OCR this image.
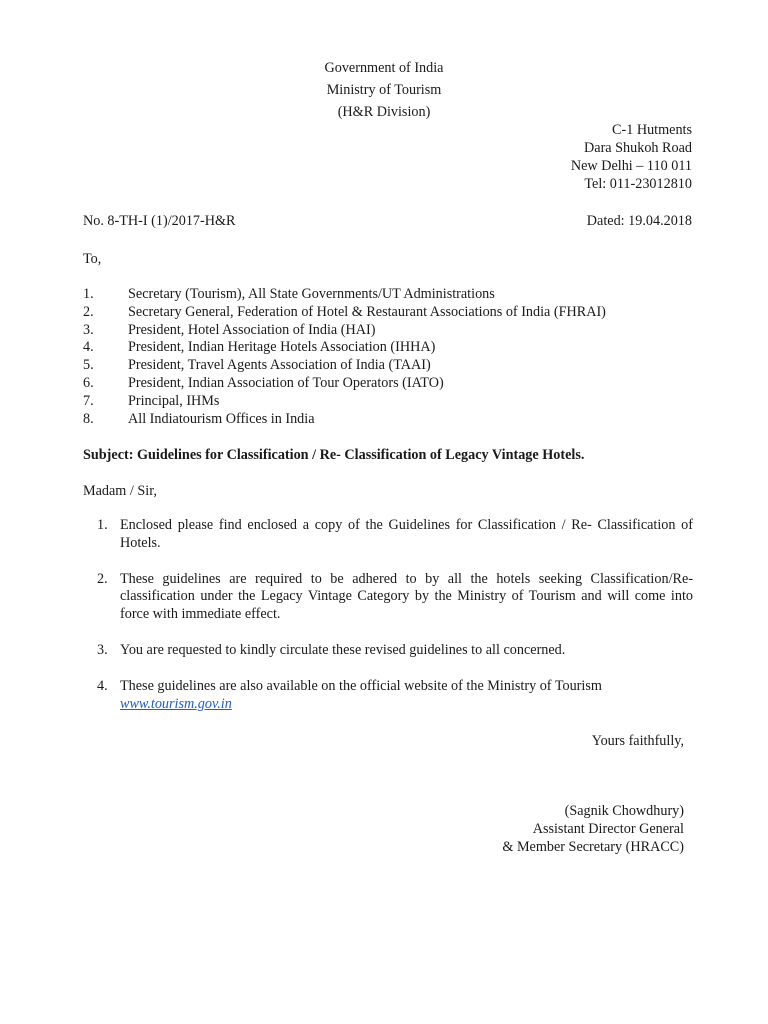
Government of India
Ministry of Tourism
(H&R Division)
C-1 Hutments
Dara Shukoh Road
New Delhi – 110 011
Tel: 011-23012810
No. 8-TH-I (1)/2017-H&R	Dated: 19.04.2018
To,
1. Secretary (Tourism), All State Governments/UT Administrations
2. Secretary General, Federation of Hotel & Restaurant Associations of India (FHRAI)
3. President, Hotel Association of India (HAI)
4. President, Indian Heritage Hotels Association (IHHA)
5. President, Travel Agents Association of India (TAAI)
6. President, Indian Association of Tour Operators (IATO)
7. Principal, IHMs
8. All Indiatourism Offices in India
Subject: Guidelines for Classification / Re- Classification of Legacy Vintage Hotels.
Madam / Sir,
1. Enclosed please find enclosed a copy of the Guidelines for Classification / Re- Classification of Hotels.
2. These guidelines are required to be adhered to by all the hotels seeking Classification/Re-classification under the Legacy Vintage Category by the Ministry of Tourism and will come into force with immediate effect.
3. You are requested to kindly circulate these revised guidelines to all concerned.
4. These guidelines are also available on the official website of the Ministry of Tourism
www.tourism.gov.in
Yours faithfully,
(Sagnik Chowdhury)
Assistant Director General
& Member Secretary (HRACC)
